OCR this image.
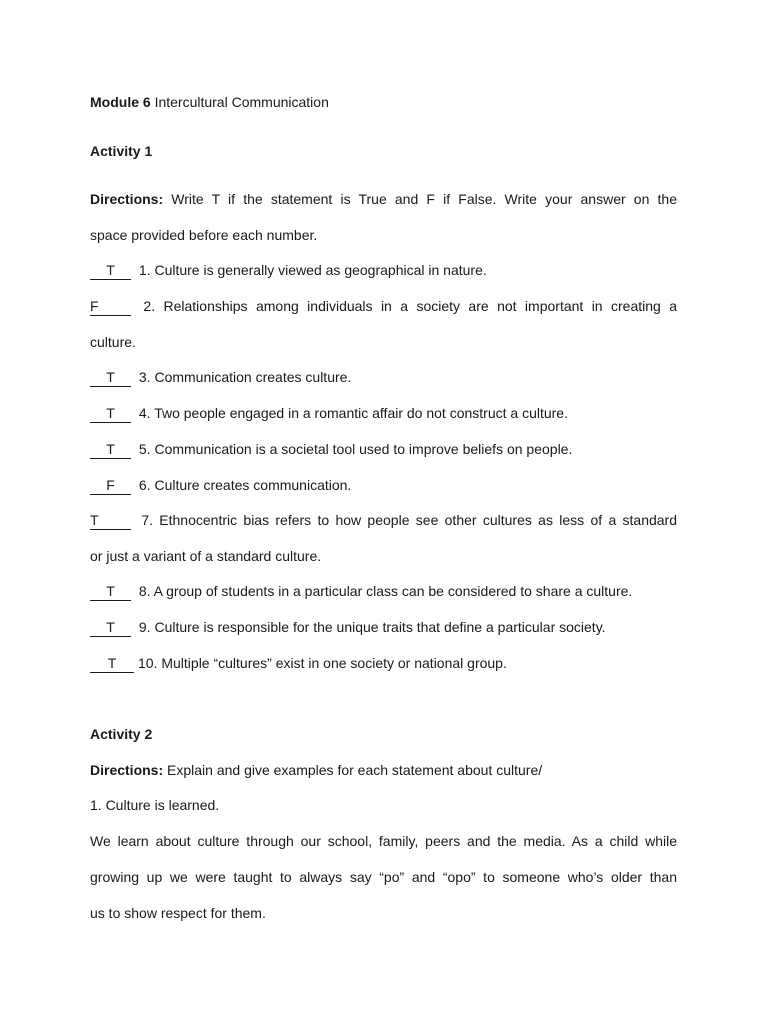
Module 6 Intercultural Communication
Activity 1
Directions: Write T if the statement is True and F if False. Write your answer on the
space provided before each number.
T 1. Culture is generally viewed as geographical in nature.
F	2. Relationships among individuals in a society are not important in creating a
culture.
T 3. Communication creates culture.
T 4. Two people engaged in a romantic affair do not construct a culture.
T 5. Communication is a societal tool used to improve beliefs on people.
F 6. Culture creates communication.
T	7. Ethnocentric bias refers to how people see other cultures as less of a standard
or just a variant of a standard culture.
T 8. A group of students in a particular class can be considered to share a culture.
T 9. Culture is responsible for the unique traits that define a particular society.
T 10. Multiple “cultures” exist in one society or national group.
Activity 2
Directions: Explain and give examples for each statement about culture/
1. Culture is learned.
We learn about culture through our school, family, peers and the media. As a child while
growing up we were taught to always say “po” and “opo” to someone who’s older than
us to show respect for them.
